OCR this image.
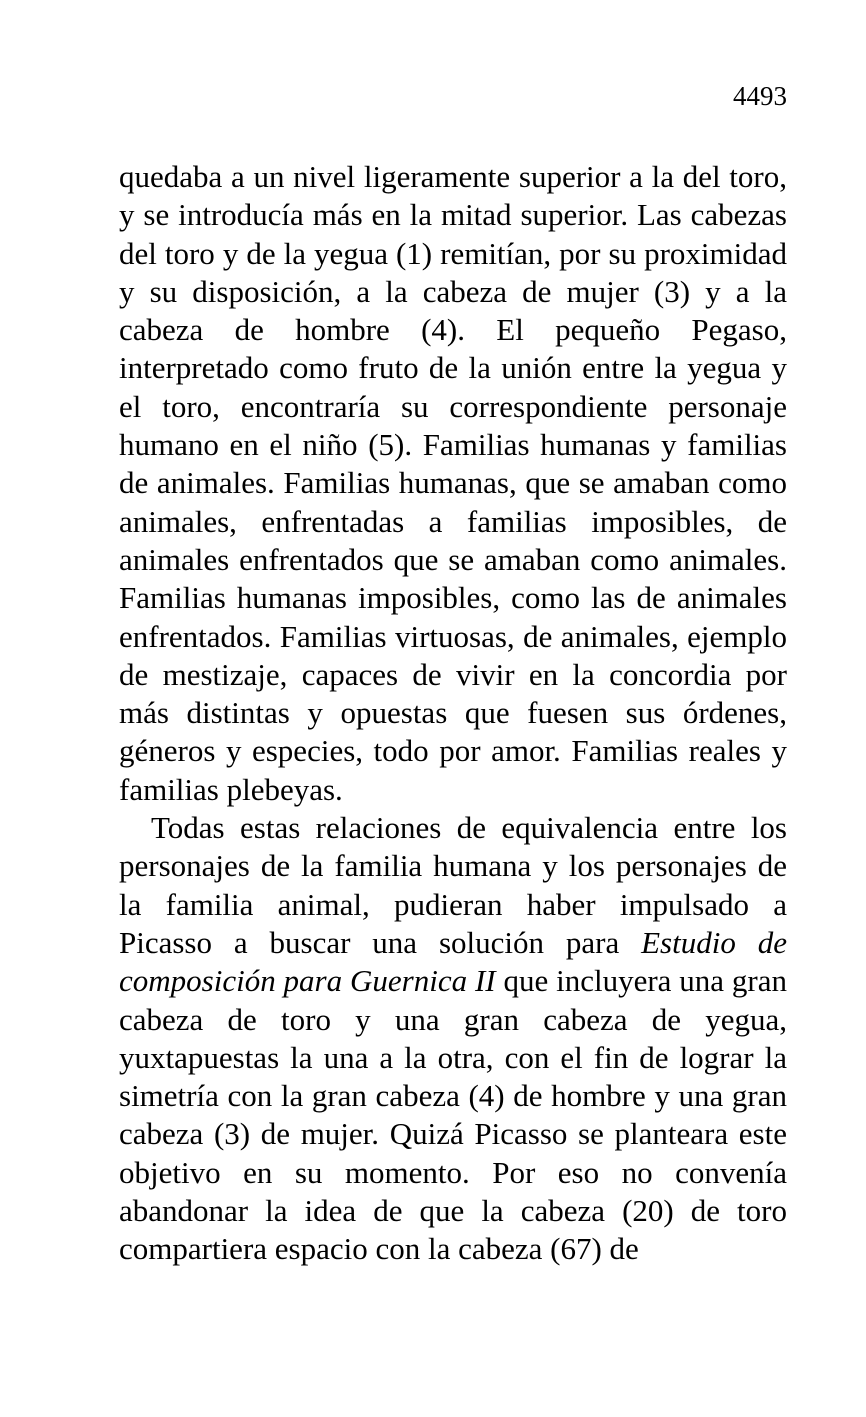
4493

quedaba a un nivel ligeramente superior a la del toro, y se introducía más en la mitad superior. Las cabezas del toro y de la yegua (1) remitían, por su proximidad y su disposición, a la cabeza de mujer (3) y a la cabeza de hombre (4). El pequeño Pegaso, interpretado como fruto de la unión entre la yegua y el toro, encontraría su correspondiente personaje humano en el niño (5). Familias humanas y familias de animales. Familias humanas, que se amaban como animales, enfrentadas a familias imposibles, de animales enfrentados que se amaban como animales. Familias humanas imposibles, como las de animales enfrentados. Familias virtuosas, de animales, ejemplo de mestizaje, capaces de vivir en la concordia por más distintas y opuestas que fuesen sus órdenes, géneros y especies, todo por amor. Familias reales y familias plebeyas.

Todas estas relaciones de equivalencia entre los personajes de la familia humana y los personajes de la familia animal, pudieran haber impulsado a Picasso a buscar una solución para Estudio de composición para Guernica II que incluyera una gran cabeza de toro y una gran cabeza de yegua, yuxtapuestas la una a la otra, con el fin de lograr la simetría con la gran cabeza (4) de hombre y una gran cabeza (3) de mujer. Quizá Picasso se planteara este objetivo en su momento. Por eso no convenía abandonar la idea de que la cabeza (20) de toro compartiera espacio con la cabeza (67) de
